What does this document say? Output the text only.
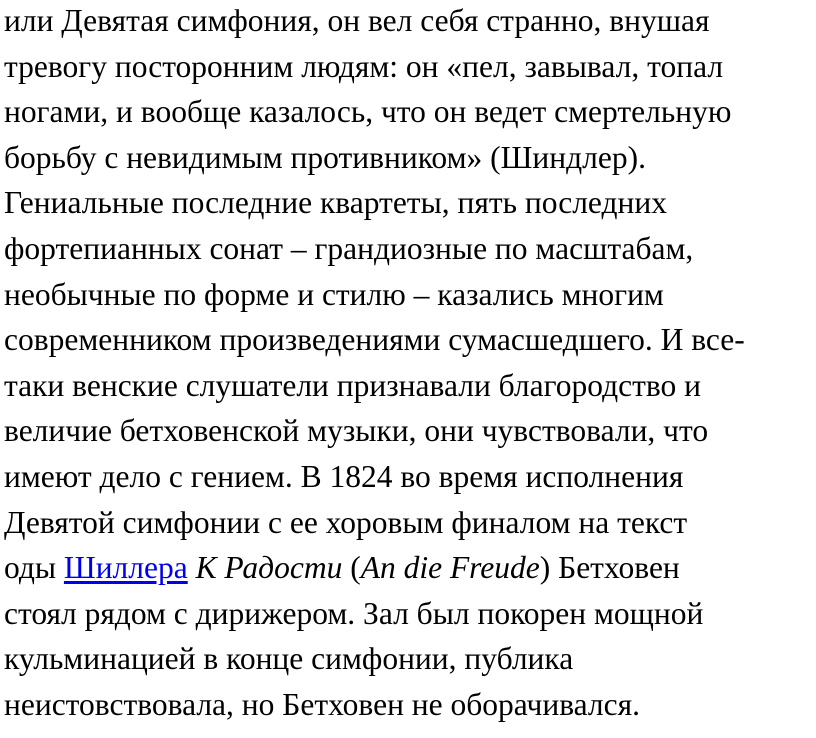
или Девятая симфония, он вел себя странно, внушая
тревогу посторонним людям: он «пел, завывал, топал
ногами, и вообще казалось, что он ведет смертельную
борьбу с невидимым противником» (Шиндлер).
Гениальные последние квартеты, пять последних
фортепианных сонат – грандиозные по масштабам,
необычные по форме и стилю – казались многим
современником произведениями сумасшедшего. И все-
таки венские слушатели признавали благородство и
величие бетховенской музыки, они чувствовали, что
имеют дело с гением. В 1824 во время исполнения
Девятой симфонии с ее хоровым финалом на текст
оды Шиллера К Радости (An die Freude) Бетховен
стоял рядом с дирижером. Зал был покорен мощной
кульминацией в конце симфонии, публика
неистовствовала, но Бетховен не оборачивался.
